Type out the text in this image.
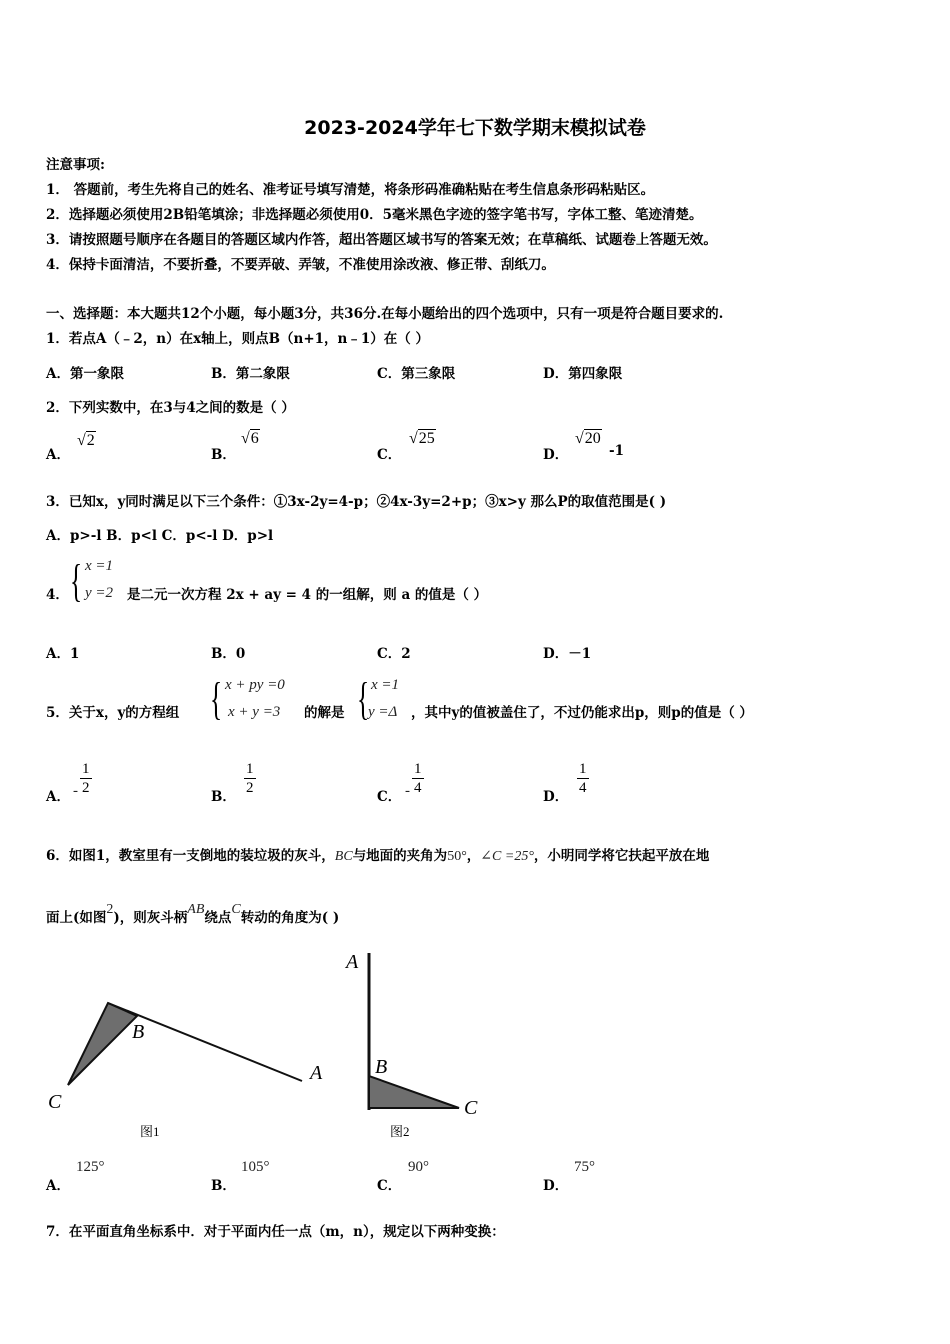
2023-2024学年七下数学期末模拟试卷
注意事项:
1． 答题前，考生先将自己的姓名、准考证号填写清楚，将条形码准确粘贴在考生信息条形码粘贴区。
2．选择题必须使用2B铅笔填涂；非选择题必须使用0．5毫米黑色字迹的签字笔书写，字体工整、笔迹清楚。
3．请按照题号顺序在各题目的答题区域内作答，超出答题区域书写的答案无效；在草稿纸、试题卷上答题无效。
4．保持卡面清洁，不要折叠，不要弄破、弄皱，不准使用涂改液、修正带、刮纸刀。
一、选择题：本大题共12个小题，每小题3分，共36分.在每小题给出的四个选项中，只有一项是符合题目要求的.
1．若点A（﹣2，n）在x轴上，则点B（n+1，n﹣1）在（ ）
A．第一象限	B．第二象限	C．第三象限	D．第四象限
2．下列实数中，在3与4之间的数是（ ）
A．
√2
B．
√6
C．
√25
D．
√20
-1
3．已知x，y同时满足以下三个条件：①3x-2y=4-p；②4x-3y=2+p；③x>y 那么P的取值范围是( )
A．p>-l B．p<l C．p<-l D．p>l
4． { x =1
y =2 是二元一次方程 2x + ay = 4 的一组解，则 a 的值是（ ）
A．1	B．0	C．2	D．－1
5．关于x，y的方程组 { x + py =0
x + y =3 的解是 { x =1
y =Δ ，其中y的值被盖住了，不过仍能求出p，则p的值是（ ）
A． - $\frac{1}{2}$	B． $\frac{1}{2}$	C． - $\frac{1}{4}$	D． $\frac{1}{4}$
6．如图1，教室里有一支倒地的装垃圾的灰斗，BC与地面的夹角为50°，∠C =25°，小明同学将它扶起平放在地
面上(如图2)，则灰斗柄AB绕点C转动的角度为( )
B
A
C
图1
A
B
C
图2
A．
125°
B．
105°
C．
90°
D．
75°
7．在平面直角坐标系中．对于平面内任一点（m，n），规定以下两种变换：
